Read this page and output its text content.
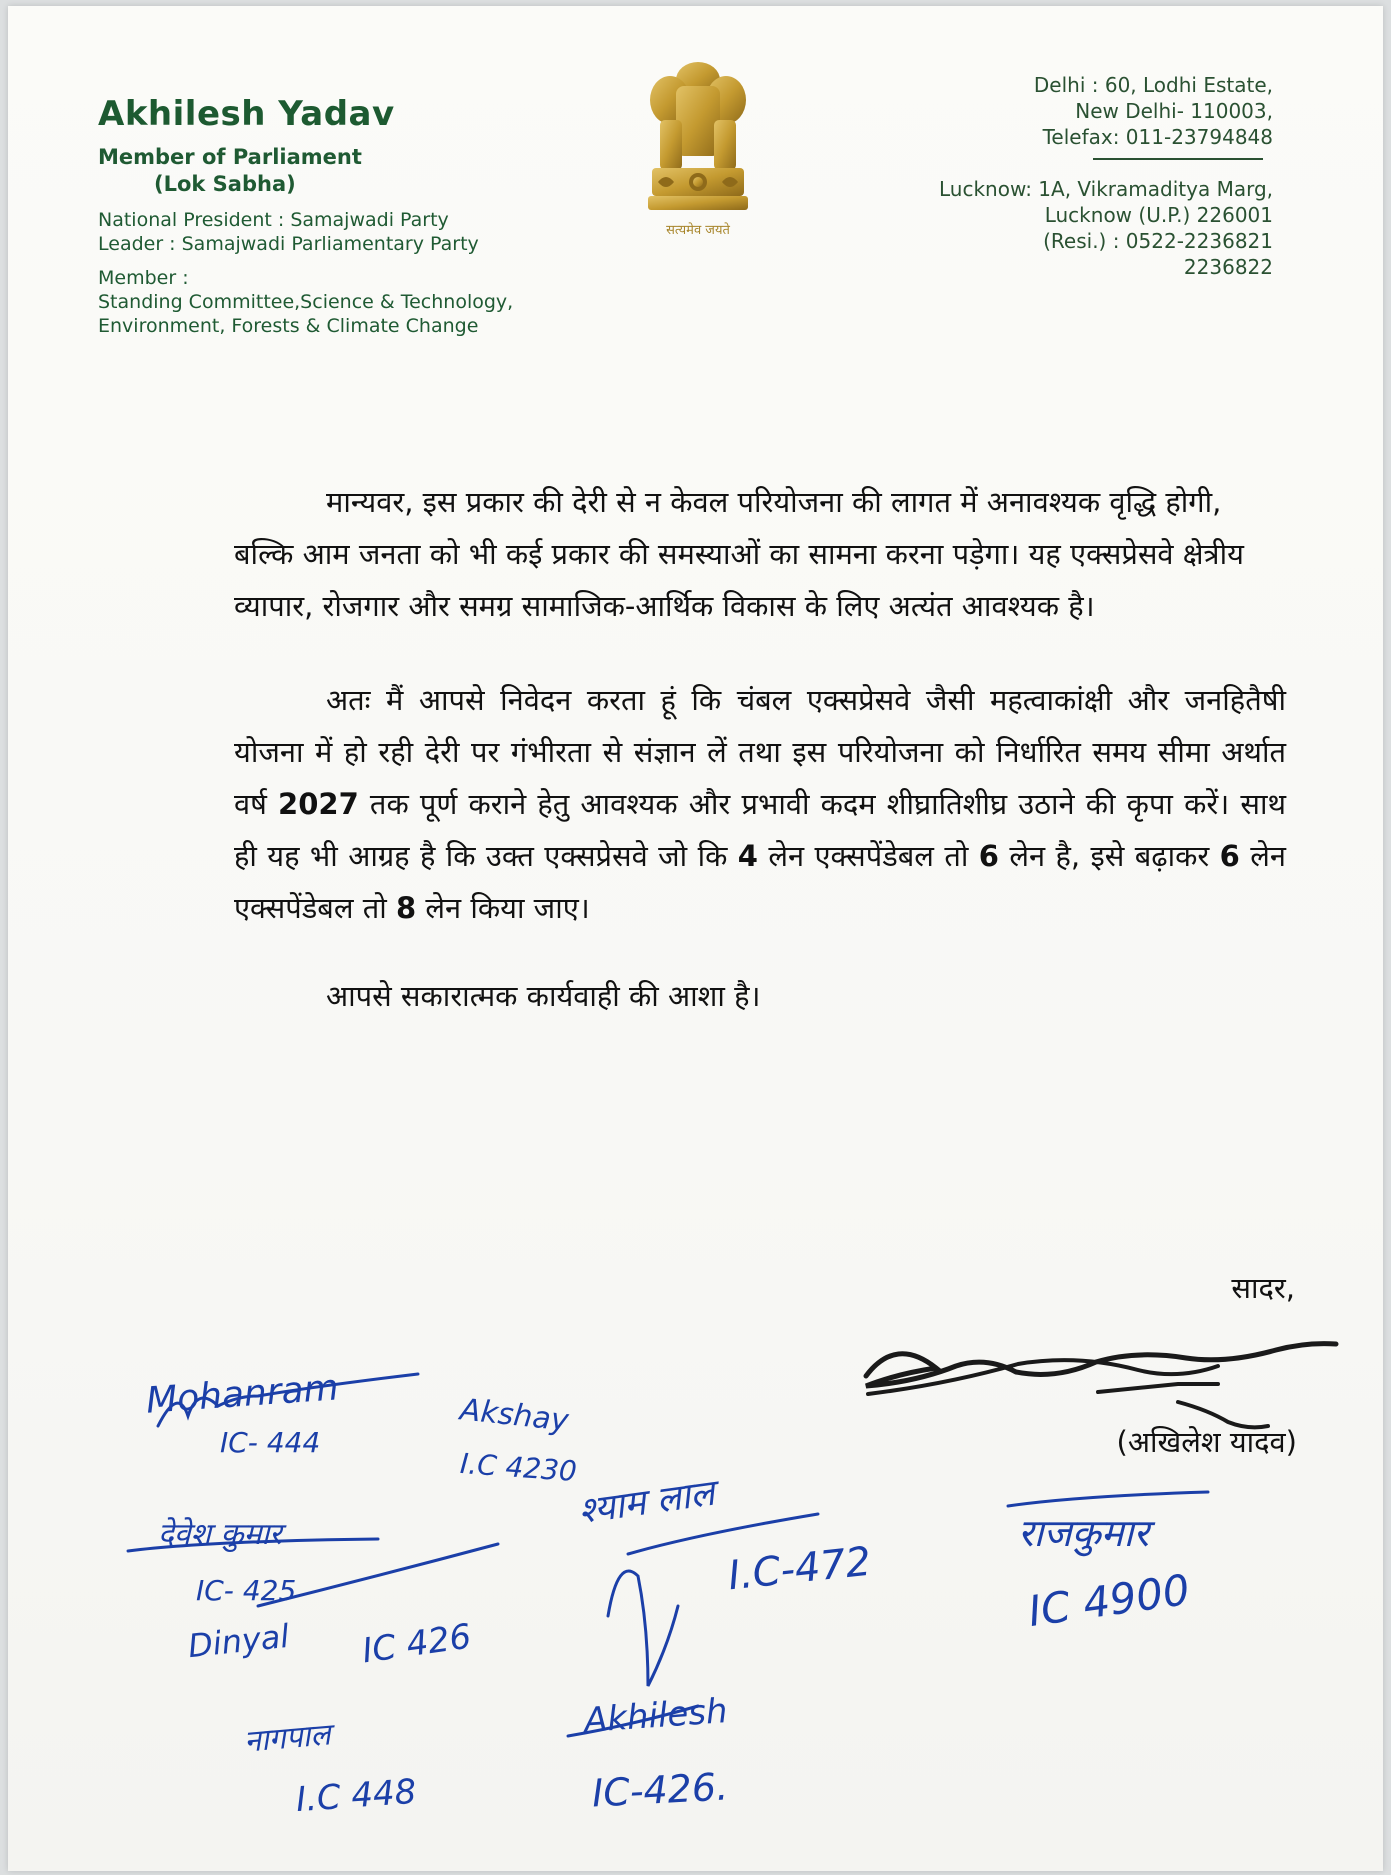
Akhilesh Yadav
Member of Parliament
(Lok Sabha)
National President : Samajwadi Party
Leader : Samajwadi Parliamentary Party
Member :
Standing Committee,Science & Technology,
Environment, Forests & Climate Change
सत्यमेव जयते
Delhi : 60, Lodhi Estate,
New Delhi- 110003,
Telefax: 011-23794848
Lucknow: 1A, Vikramaditya Marg,
Lucknow (U.P.) 226001
(Resi.) : 0522-2236821
2236822

मान्यवर, इस प्रकार की देरी से न केवल परियोजना की लागत में अनावश्यक वृद्धि होगी, बल्कि आम जनता को भी कई प्रकार की समस्याओं का सामना करना पड़ेगा। यह एक्सप्रेसवे क्षेत्रीय व्यापार, रोजगार और समग्र सामाजिक-आर्थिक विकास के लिए अत्यंत आवश्यक है।

अतः मैं आपसे निवेदन करता हूं कि चंबल एक्सप्रेसवे जैसी महत्वाकांक्षी और जनहितैषी योजना में हो रही देरी पर गंभीरता से संज्ञान लें तथा इस परियोजना को निर्धारित समय सीमा अर्थात वर्ष 2027 तक पूर्ण कराने हेतु आवश्यक और प्रभावी कदम शीघ्रातिशीघ्र उठाने की कृपा करें। साथ ही यह भी आग्रह है कि उक्त एक्सप्रेसवे जो कि 4 लेन एक्सपेंडेबल तो 6 लेन है, इसे बढ़ाकर 6 लेन एक्सपेंडेबल तो 8 लेन किया जाए।

आपसे सकारात्मक कार्यवाही की आशा है।

सादर,
(अखिलेश यादव)
Mohanram
IC- 444
Akshay
I.C 4230
देवेश कुमार
IC- 425
Dinyal IC 426
नागपाल
I.C 448
श्याम लाल
I.C-472
राजकुमार
IC 4900
Akhilesh
IC-426.
